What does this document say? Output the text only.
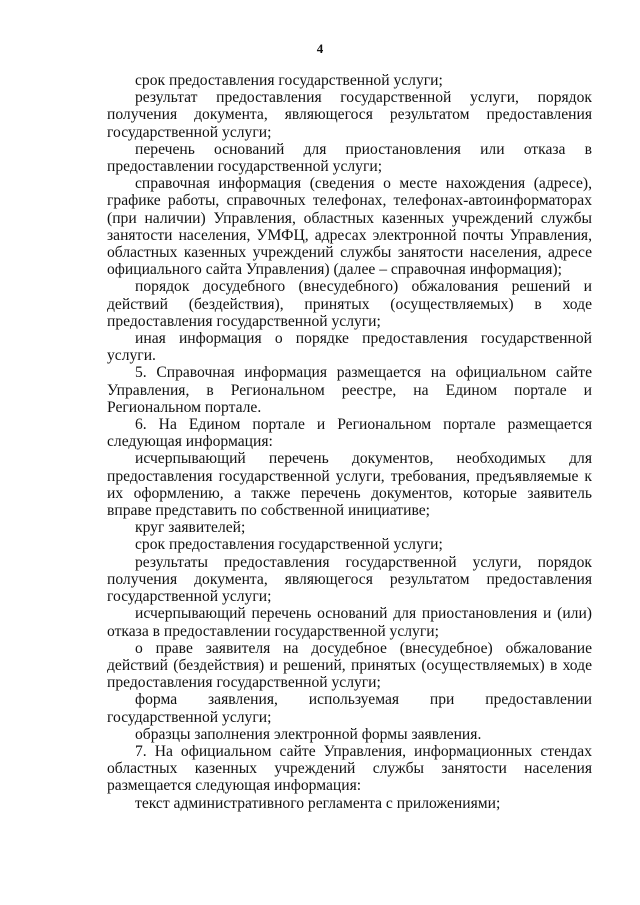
4

срок предоставления государственной услуги;

результат предоставления государственной услуги, порядок получения документа, являющегося результатом предоставления государственной услуги;

перечень оснований для приостановления или отказа в предоставлении государственной услуги;

справочная информация (сведения о месте нахождения (адресе), графике работы, справочных телефонах, телефонах-автоинформаторах (при наличии) Управления, областных казенных учреждений службы занятости населения, УМФЦ, адресах электронной почты Управления, областных казенных учреждений службы занятости населения, адресе официального сайта Управления) (далее – справочная информация);

порядок досудебного (внесудебного) обжалования решений и действий (бездействия), принятых (осуществляемых) в ходе предоставления государственной услуги;

иная информация о порядке предоставления государственной услуги.

5. Справочная информация размещается на официальном сайте Управления, в Региональном реестре, на Едином портале и Региональном портале.

6. На Едином портале и Региональном портале размещается следующая информация:

исчерпывающий перечень документов, необходимых для предоставления государственной услуги, требования, предъявляемые к их оформлению, а также перечень документов, которые заявитель вправе представить по собственной инициативе;

круг заявителей;

срок предоставления государственной услуги;

результаты предоставления государственной услуги, порядок получения документа, являющегося результатом предоставления государственной услуги;

исчерпывающий перечень оснований для приостановления и (или) отказа в предоставлении государственной услуги;

о праве заявителя на досудебное (внесудебное) обжалование действий (бездействия) и решений, принятых (осуществляемых) в ходе предоставления государственной услуги;

форма заявления, используемая при предоставлении государственной услуги;

образцы заполнения электронной формы заявления.

7. На официальном сайте Управления, информационных стендах областных казенных учреждений службы занятости населения размещается следующая информация:

текст административного регламента с приложениями;
